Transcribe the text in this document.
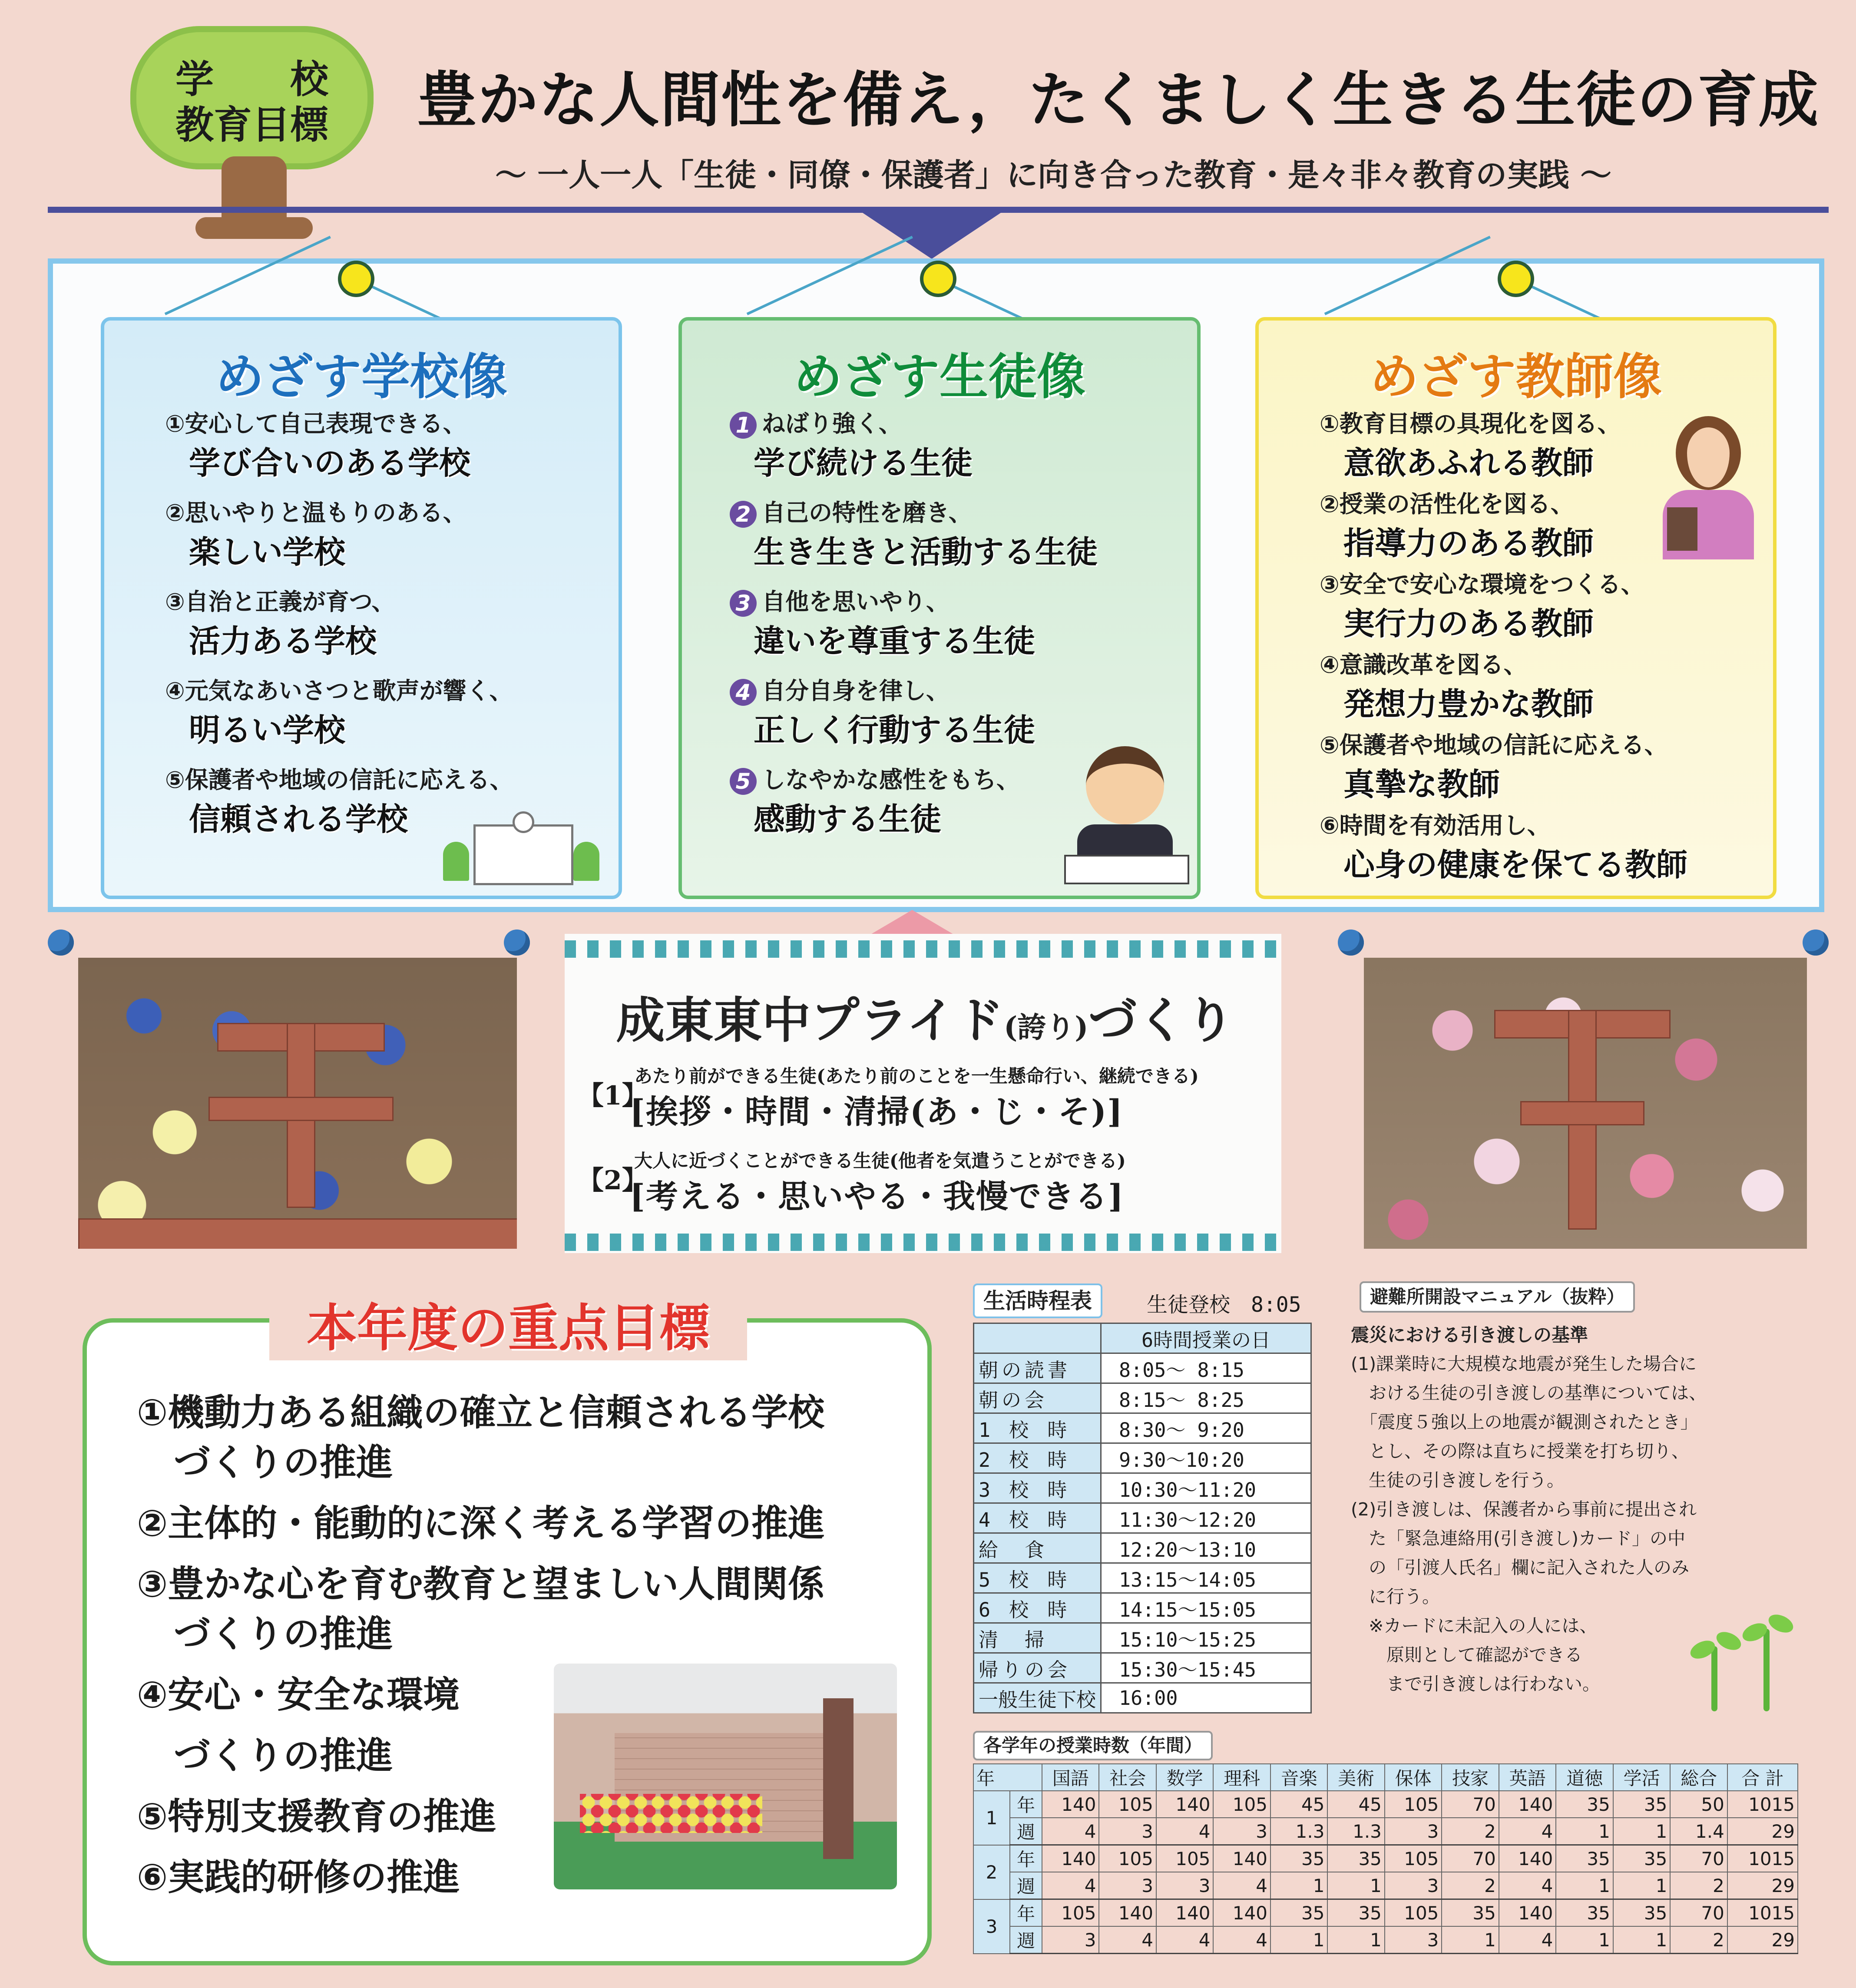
学　　校
教育目標	豊かな人間性を備え，たくましく生きる生徒の育成
～ 一人一人「生徒・同僚・保護者」に向き合った教育・是々非々教育の実践 ～
めざす学校像
①安心して自己表現できる、
学び合いのある学校
②思いやりと温もりのある、
楽しい学校
③自治と正義が育つ、
活力ある学校
④元気なあいさつと歌声が響く、
明るい学校
⑤保護者や地域の信託に応える、
信頼される学校
めざす生徒像
1 ねばり強く、
学び続ける生徒
2 自己の特性を磨き、
生き生きと活動する生徒
3 自他を思いやり、
違いを尊重する生徒
4 自分自身を律し、
正しく行動する生徒
5 しなやかな感性をもち、
感動する生徒
めざす教師像
①教育目標の具現化を図る、
意欲あふれる教師
②授業の活性化を図る、
指導力のある教師
③安全で安心な環境をつくる、
実行力のある教師
④意識改革を図る、
発想力豊かな教師
⑤保護者や地域の信託に応える、
真摯な教師
⑥時間を有効活用し、
心身の健康を保てる教師
成東東中プライド(誇り)づくり
【1】
あたり前ができる生徒(あたり前のことを一生懸命行い、継続できる)
[挨拶・時間・清掃(あ・じ・そ)]
【2】
大人に近づくことができる生徒(他者を気遣うことができる)
[考える・思いやる・我慢できる]
本年度の重点目標
①機動力ある組織の確立と信頼される学校
づくりの推進
②主体的・能動的に深く考える学習の推進
③豊かな心を育む教育と望ましい人間関係
づくりの推進
④安心・安全な環境
づくりの推進
⑤特別支援教育の推進
⑥実践的研修の推進
生活時程表	生徒登校　8:05
	6時間授業の日
朝の読書	8:05～ 8:15
朝の会	8:15～ 8:25
1 校 時	8:30～ 9:20
2 校 時	9:30～10:20
3 校 時	10:30～11:20
4 校 時	11:30～12:20
給　食	12:20～13:10
5 校 時	13:15～14:05
6 校 時	14:15～15:05
清　掃	15:10～15:25
帰りの会	15:30～15:45
一般生徒下校	16:00
避難所開設マニュアル（抜粋）

震災における引き渡しの基準

(1)課業時に大規模な地震が発生した場合に

　おける生徒の引き渡しの基準については、

　「震度５強以上の地震が観測されたとき」

　とし、その際は直ちに授業を打ち切り、

　生徒の引き渡しを行う。

(2)引き渡しは、保護者から事前に提出され

　た「緊急連絡用(引き渡し)カード」の中

　の「引渡人氏名」欄に記入された人のみ

　に行う。

　※カードに未記入の人には、

　　原則として確認ができる

　　まで引き渡しは行わない。

各学年の授業時数（年間）
年		国語	社会	数学	理科	音楽	美術	保体	技家	英語	道徳	学活	総合	合 計
1	年	140	105	140	105	45	45	105	70	140	35	35	50	1015
	週	4	3	4	3	1.3	1.3	3	2	4	1	1	1.4	29
2	年	140	105	105	140	35	35	105	70	140	35	35	70	1015
	週	4	3	3	4	1	1	3	2	4	1	1	2	29
3	年	105	140	140	140	35	35	105	35	140	35	35	70	1015
	週	3	4	4	4	1	1	3	1	4	1	1	2	29
